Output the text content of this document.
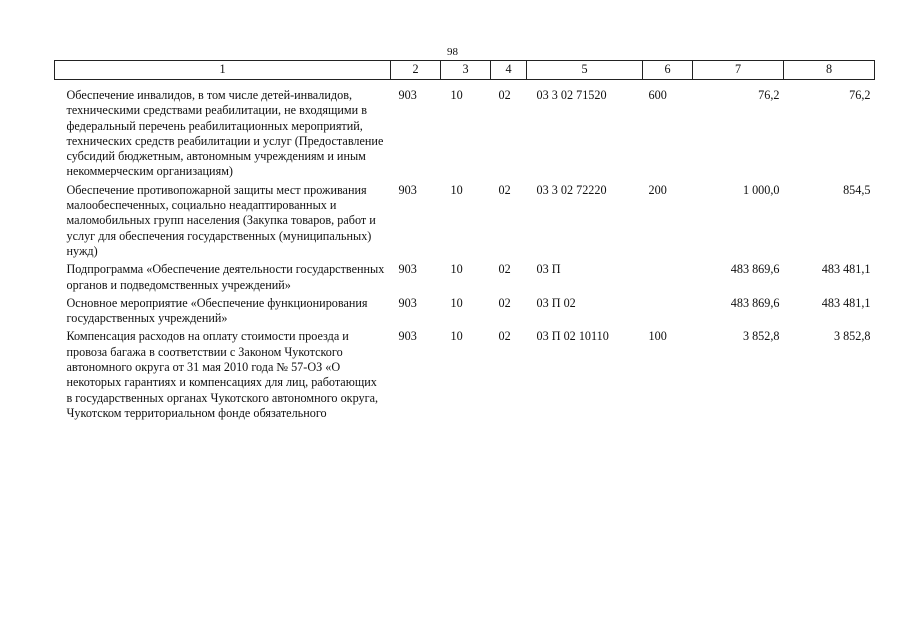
98
1	2	3	4	5	6	7	8
Обеспечение инвалидов, в том числе детей-инвалидов, техническими средствами реабилитации, не входящими в федеральный перечень реабилитационных мероприятий, технических средств реабилитации и услуг (Предоставление субсидий бюджетным, автономным учреждениям и иным некоммерческим организациям)	903	10	02	03 3 02 71520	600	76,2	76,2
Обеспечение противопожарной защиты мест проживания малообеспеченных, социально неадаптированных и маломобильных групп населения (Закупка товаров, работ и услуг для обеспечения государственных (муниципальных) нужд)	903	10	02	03 3 02 72220	200	1 000,0	854,5
Подпрограмма «Обеспечение деятельности государственных органов и подведомственных учреждений»	903	10	02	03 П		483 869,6	483 481,1
Основное мероприятие «Обеспечение функционирования государственных учреждений»	903	10	02	03 П 02		483 869,6	483 481,1
Компенсация расходов на оплату стоимости проезда и провоза багажа в соответствии с Законом Чукотского автономного округа от 31 мая 2010 года № 57-ОЗ «О некоторых гарантиях и компенсациях для лиц, работающих в государственных органах Чукотского автономного округа, Чукотском территориальном фонде обязательного	903	10	02	03 П 02 10110	100	3 852,8	3 852,8
